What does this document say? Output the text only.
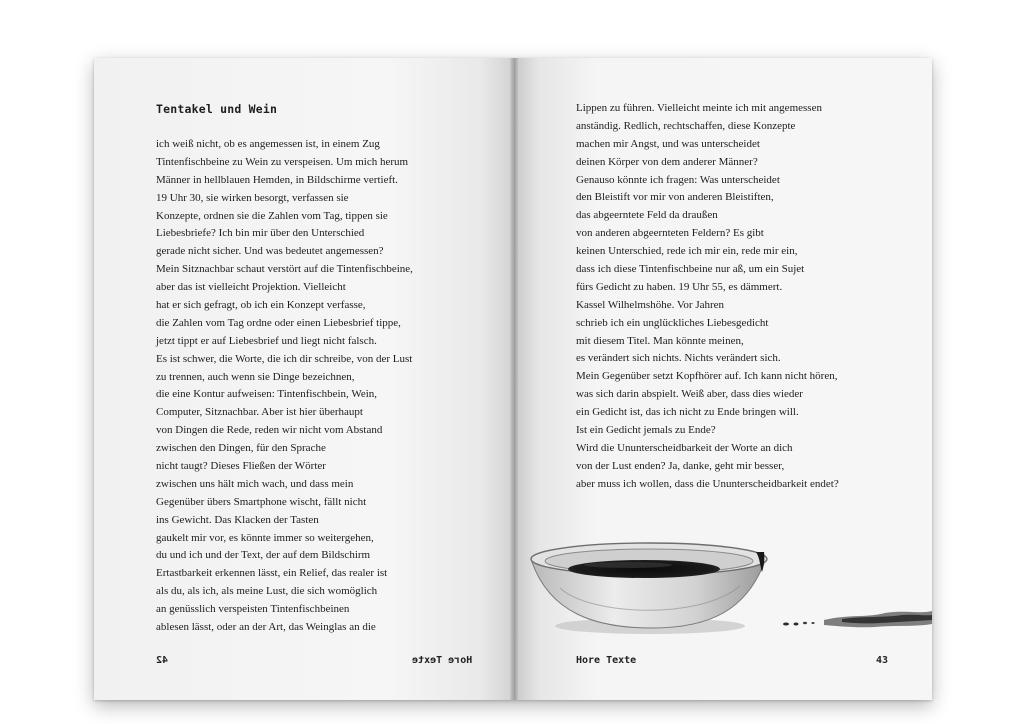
Tentakel und Wein
ich weiß nicht, ob es angemessen ist, in einem Zug
Tintenfischbeine zu Wein zu verspeisen. Um mich herum
Männer in hellblauen Hemden, in Bildschirme vertieft.
19 Uhr 30, sie wirken besorgt, verfassen sie
Konzepte, ordnen sie die Zahlen vom Tag, tippen sie
Liebesbriefe? Ich bin mir über den Unterschied
gerade nicht sicher. Und was bedeutet angemessen?
Mein Sitznachbar schaut verstört auf die Tintenfischbeine,
aber das ist vielleicht Projektion. Vielleicht
hat er sich gefragt, ob ich ein Konzept verfasse,
die Zahlen vom Tag ordne oder einen Liebesbrief tippe,
jetzt tippt er auf Liebesbrief und liegt nicht falsch.
Es ist schwer, die Worte, die ich dir schreibe, von der Lust
zu trennen, auch wenn sie Dinge bezeichnen,
die eine Kontur aufweisen: Tintenfischbein, Wein,
Computer, Sitznachbar. Aber ist hier überhaupt
von Dingen die Rede, reden wir nicht vom Abstand
zwischen den Dingen, für den Sprache
nicht taugt? Dieses Fließen der Wörter
zwischen uns hält mich wach, und dass mein
Gegenüber übers Smartphone wischt, fällt nicht
ins Gewicht. Das Klacken der Tasten
gaukelt mir vor, es könnte immer so weitergehen,
du und ich und der Text, der auf dem Bildschirm
Ertastbarkeit erkennen lässt, ein Relief, das realer ist
als du, als ich, als meine Lust, die sich womöglich
an genüsslich verspeisten Tintenfischbeinen
ablesen lässt, oder an der Art, das Weinglas an die
42	Hore Texte
Lippen zu führen. Vielleicht meinte ich mit angemessen
anständig. Redlich, rechtschaffen, diese Konzepte
machen mir Angst, und was unterscheidet
deinen Körper von dem anderer Männer?
Genauso könnte ich fragen: Was unterscheidet
den Bleistift vor mir von anderen Bleistiften,
das abgeerntete Feld da draußen
von anderen abgeernteten Feldern? Es gibt
keinen Unterschied, rede ich mir ein, rede mir ein,
dass ich diese Tintenfischbeine nur aß, um ein Sujet
fürs Gedicht zu haben. 19 Uhr 55, es dämmert.
Kassel Wilhelmshöhe. Vor Jahren
schrieb ich ein unglückliches Liebesgedicht
mit diesem Titel. Man könnte meinen,
es verändert sich nichts. Nichts verändert sich.
Mein Gegenüber setzt Kopfhörer auf. Ich kann nicht hören,
was sich darin abspielt. Weiß aber, dass dies wieder
ein Gedicht ist, das ich nicht zu Ende bringen will.
Ist ein Gedicht jemals zu Ende?
Wird die Ununterscheidbarkeit der Worte an dich
von der Lust enden? Ja, danke, geht mir besser,
aber muss ich wollen, dass die Ununterscheidbarkeit endet?
Hore Texte	43
